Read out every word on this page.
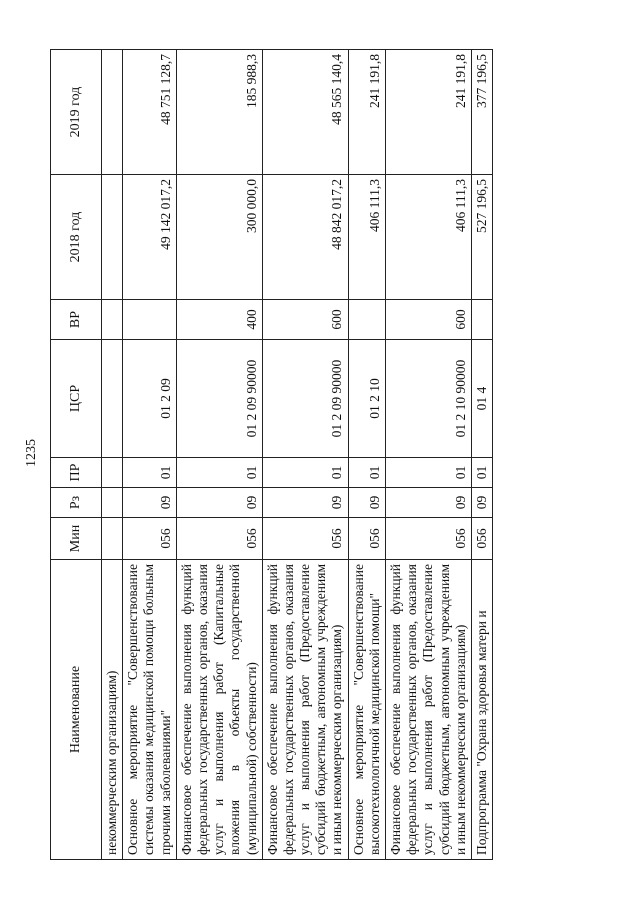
1235
Наименование	Мин	Рз	ПР	ЦСР	ВР	2018 год	2019 год
некоммерческим организациям)							
Основное мероприятие "Совершенствование системы оказания медицинской помощи больным прочими заболеваниями"	056	09	01	01 2 09		49 142 017,2	48 751 128,7
Финансовое обеспечение выполнения функций федеральных государственных органов, оказания услуг и выполнения работ (Капитальные вложения в объекты государственной (муниципальной) собственности)	056	09	01	01 2 09 90000	400	300 000,0	185 988,3
Финансовое обеспечение выполнения функций федеральных государственных органов, оказания услуг и выполнения работ (Предоставление субсидий бюджетным, автономным учреждениям и иным некоммерческим организациям)	056	09	01	01 2 09 90000	600	48 842 017,2	48 565 140,4
Основное мероприятие "Совершенствование высокотехнологичной медицинской помощи"	056	09	01	01 2 10		406 111,3	241 191,8
Финансовое обеспечение выполнения функций федеральных государственных органов, оказания услуг и выполнения работ (Предоставление субсидий бюджетным, автономным учреждениям и иным некоммерческим организациям)	056	09	01	01 2 10 90000	600	406 111,3	241 191,8
Подпрограмма "Охрана здоровья матери и	056	09	01	01 4		527 196,5	377 196,5
